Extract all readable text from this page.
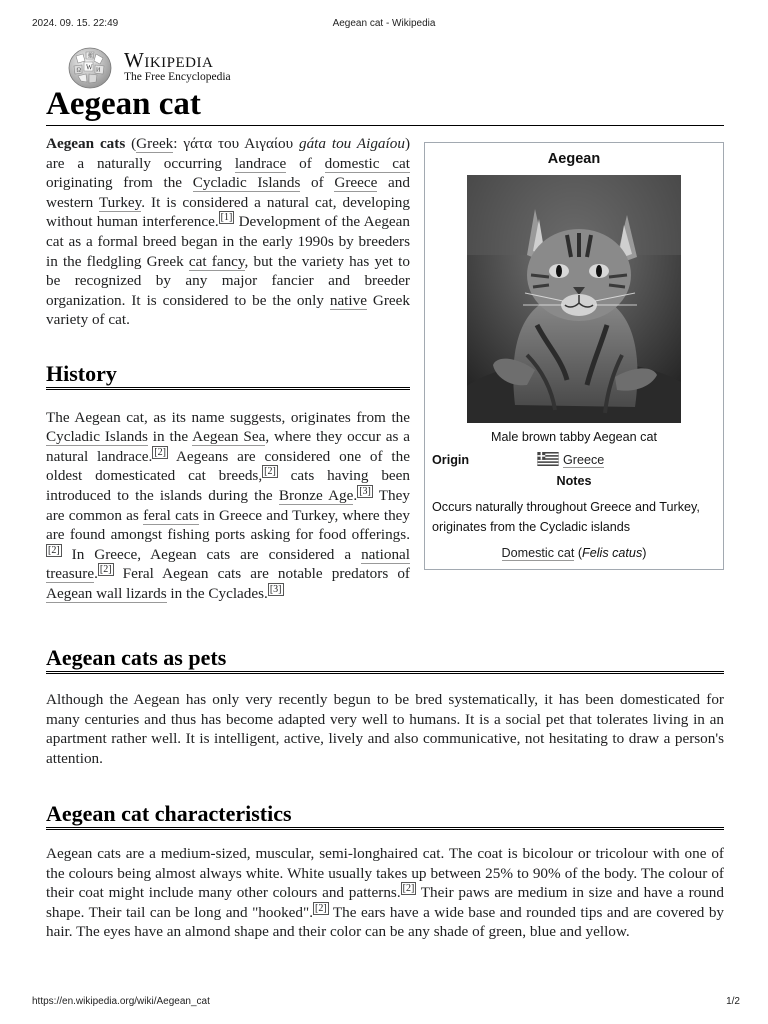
2024. 09. 15. 22:49	Aegean cat - Wikipedia
W
Ω	И
維 Wikipedia
The Free Encyclopedia
Aegean cat
Aegean
Male brown tabby Aegean cat
Origin	Greece
Notes
Occurs naturally throughout Greece and Turkey, originates from the Cycladic islands
Domestic cat (Felis catus)

Aegean cats (Greek: γάτα του Αιγαίου gáta tou Aigaíou) are a naturally occurring landrace of domestic cat originating from the Cycladic Islands of Greece and western Turkey. It is considered a natural cat, developing without human interference. [1] Development of the Aegean cat as a formal breed began in the early 1990s by breeders in the fledgling Greek cat fancy, but the variety has yet to be recognized by any major fancier and breeder organization. It is considered to be the only native Greek variety of cat.

History

The Aegean cat, as its name suggests, originates from the Cycladic Islands in the Aegean Sea, where they occur as a natural landrace. [2] Aegeans are considered one of the oldest domesticated cat breeds, [2] cats having been introduced to the islands during the Bronze Age. [3] They are common as feral cats in Greece and Turkey, where they are found amongst fishing ports asking for food offerings.[2] In Greece, Aegean cats are considered a national treasure. [2] Feral Aegean cats are notable predators of Aegean wall lizards in the Cyclades. [3]

Aegean cats as pets

Although the Aegean has only very recently begun to be bred systematically, it has been domesticated for many centuries and thus has become adapted very well to humans. It is a social pet that tolerates living in an apartment rather well. It is intelligent, active, lively and also communicative, not hesitating to draw a person's attention.

Aegean cat characteristics

Aegean cats are a medium-sized, muscular, semi-longhaired cat. The coat is bicolour or tricolour with one of the colours being almost always white. White usually takes up between 25% to 90% of the body. The colour of their coat might include many other colours and patterns. [2] Their paws are medium in size and have a round shape. Their tail can be long and "hooked". [2] The ears have a wide base and rounded tips and are covered by hair. The eyes have an almond shape and their color can be any shade of green, blue and yellow.

https://en.wikipedia.org/wiki/Aegean_cat	1/2
